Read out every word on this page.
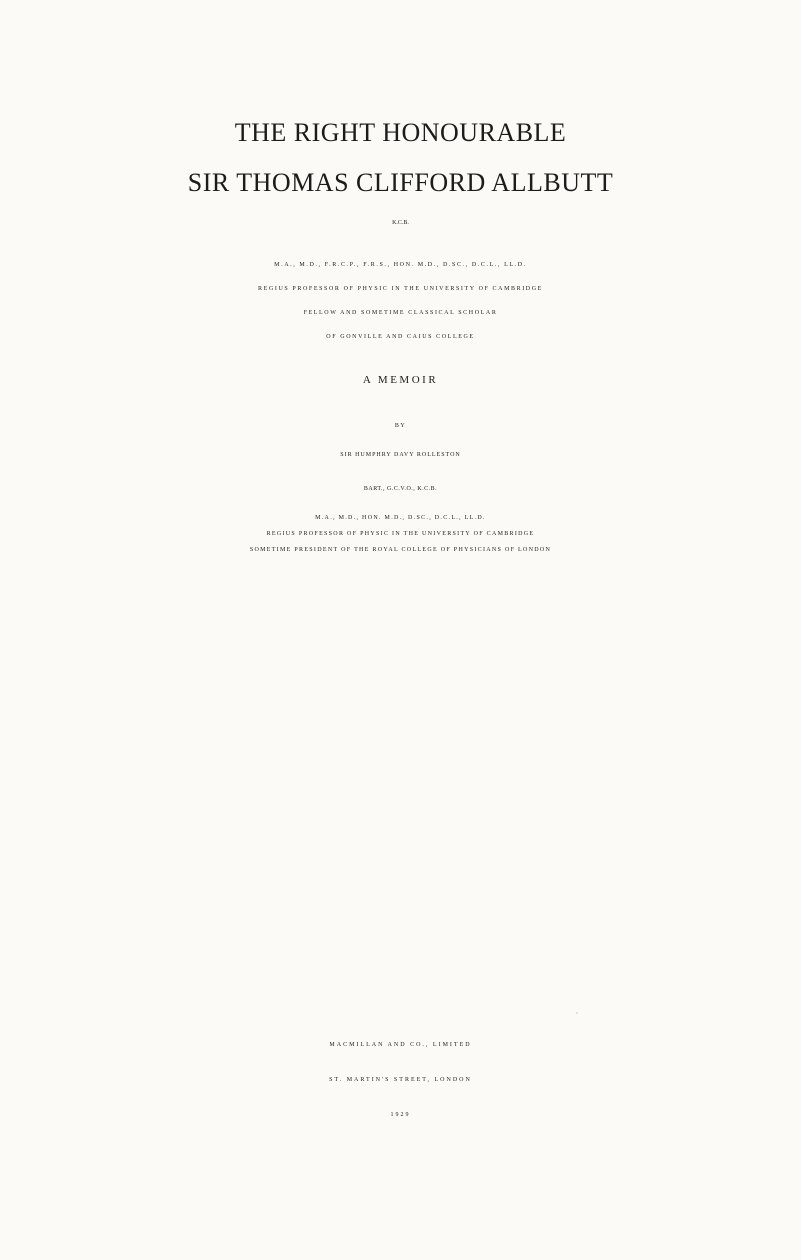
THE RIGHT HONOURABLE
SIR THOMAS CLIFFORD ALLBUTT
K.C.B.
M.A., M.D., F.R.C.P., F.R.S., HON. M.D., D.SC., D.C.L., LL.D.
REGIUS PROFESSOR OF PHYSIC IN THE UNIVERSITY OF CAMBRIDGE
FELLOW AND SOMETIME CLASSICAL SCHOLAR
OF GONVILLE AND CAIUS COLLEGE
A MEMOIR
BY
SIR HUMPHRY DAVY ROLLESTON
BART., G.C.V.O., K.C.B.
M.A., M.D., HON. M.D., D.SC., D.C.L., LL.D.
REGIUS PROFESSOR OF PHYSIC IN THE UNIVERSITY OF CAMBRIDGE
SOMETIME PRESIDENT OF THE ROYAL COLLEGE OF PHYSICIANS OF LONDON
MACMILLAN AND CO., LIMITED
ST. MARTIN'S STREET, LONDON
1929
